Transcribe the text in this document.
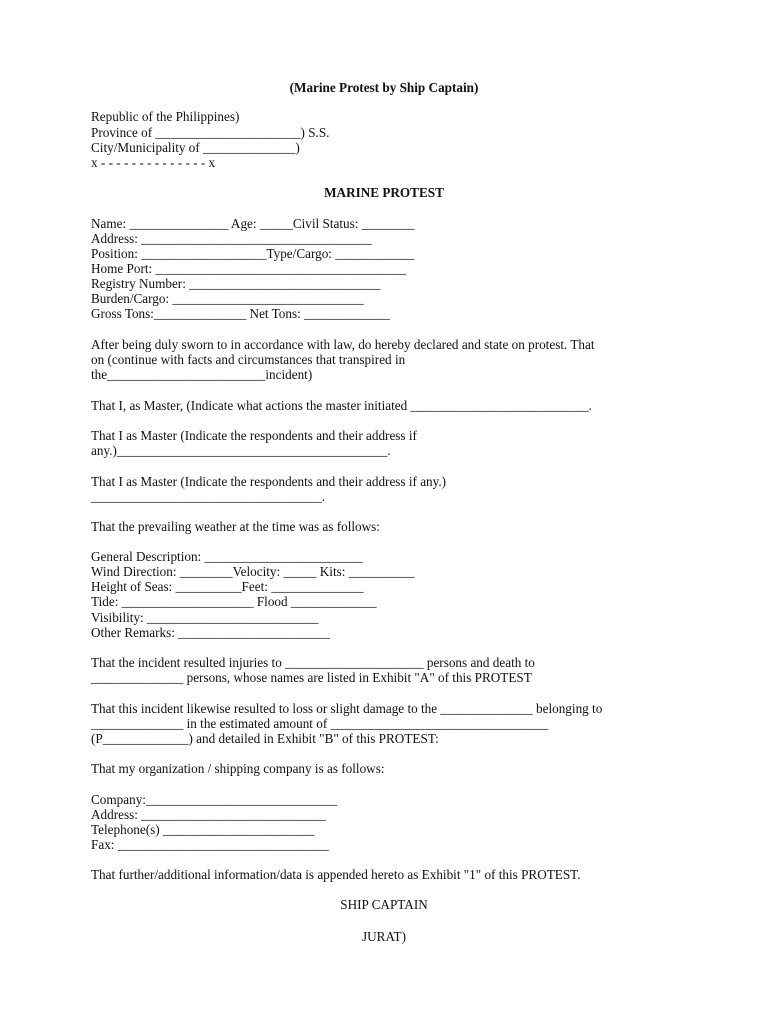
(Marine Protest by Ship Captain)
Republic of the Philippines)
Province of ______________________) S.S.
City/Municipality of ______________)
x - - - - - - - - - - - - - - x
MARINE PROTEST
Name: _______________ Age: _____Civil Status: ________
Address: ___________________________________
Position: ___________________Type/Cargo: ____________
Home Port: ______________________________________
Registry Number: _____________________________
Burden/Cargo: _____________________________
Gross Tons:______________ Net Tons: _____________
After being duly sworn to in accordance with law, do hereby declared and state on protest. That
on (continue with facts and circumstances that transpired in
the________________________incident)
That I, as Master, (Indicate what actions the master initiated ___________________________.
That I as Master (Indicate the respondents and their address if
any.)_________________________________________.
That I as Master (Indicate the respondents and their address if any.)
___________________________________.
That the prevailing weather at the time was as follows:
General Description: ________________________
Wind Direction: ________Velocity: _____ Kits: __________
Height of Seas: __________Feet: ______________
Tide: ____________________ Flood _____________
Visibility: __________________________
Other Remarks: _______________________
That the incident resulted injuries to _____________________ persons and death to
______________ persons, whose names are listed in Exhibit "A" of this PROTEST
That this incident likewise resulted to loss or slight damage to the ______________ belonging to
______________ in the estimated amount of _________________________________
(P_____________) and detailed in Exhibit "B" of this PROTEST:
That my organization / shipping company is as follows:
Company:_____________________________
Address: ____________________________
Telephone(s) _______________________
Fax: ________________________________
That further/additional information/data is appended hereto as Exhibit "1" of this PROTEST.
SHIP CAPTAIN
JURAT)
